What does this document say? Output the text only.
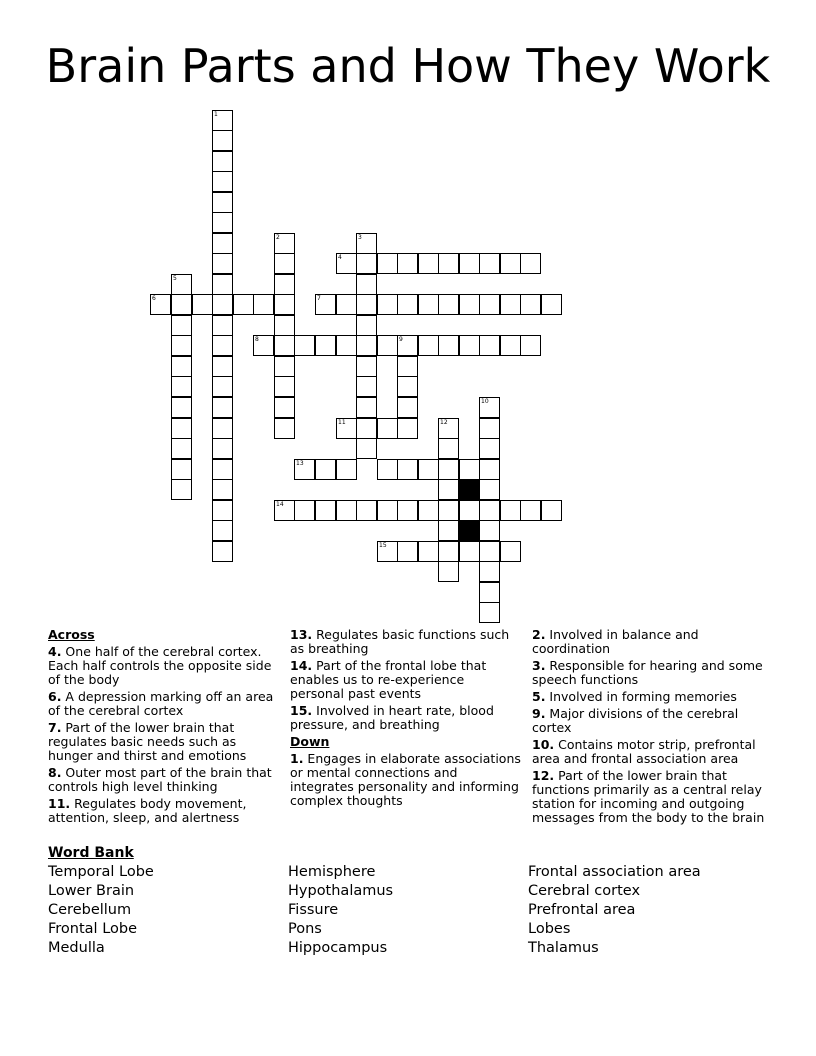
Brain Parts and How They Work
1
2	3
4
5
6	7
8	9
11
10
12
13
14
15
Across
4. One half of the cerebral cortex. Each half controls the opposite side of the body
6. A depression marking off an area of the cerebral cortex
7. Part of the lower brain that regulates basic needs such as hunger and thirst and emotions
8. Outer most part of the brain that controls high level thinking
11. Regulates body movement, attention, sleep, and alertness
13. Regulates basic functions such as breathing
14. Part of the frontal lobe that enables us to re-experience personal past events
15. Involved in heart rate, blood pressure, and breathing
Down
1. Engages in elaborate associations or mental connections and integrates personality and informing complex thoughts
2. Involved in balance and coordination
3. Responsible for hearing and some speech functions
5. Involved in forming memories
9. Major divisions of the cerebral cortex
10. Contains motor strip, prefrontal area and frontal association area
12. Part of the lower brain that functions primarily as a central relay station for incoming and outgoing messages from the body to the brain
Word Bank
Temporal Lobe
Lower Brain
Cerebellum
Frontal Lobe
Medulla
Hemisphere
Hypothalamus
Fissure
Pons
Hippocampus
Frontal association area
Cerebral cortex
Prefrontal area
Lobes
Thalamus
